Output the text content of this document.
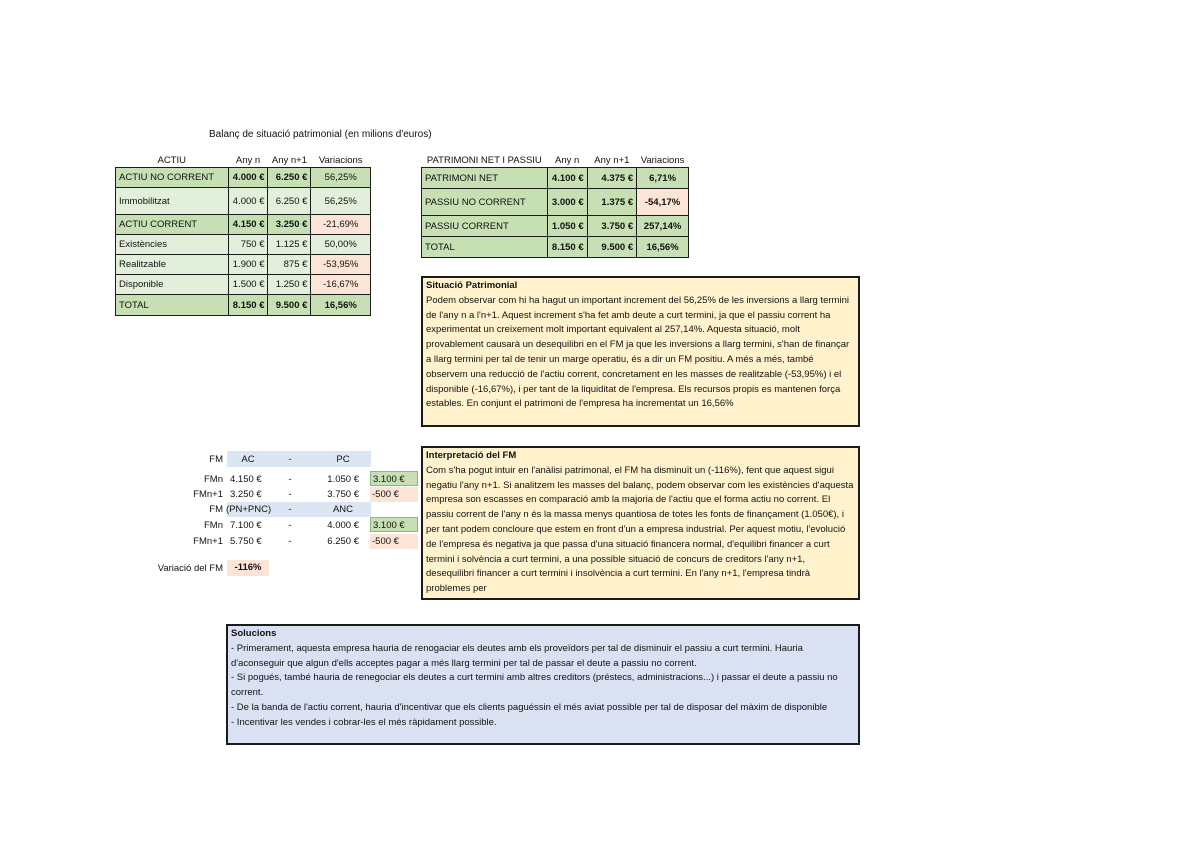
Balanç de situació patrimonial (en milions d'euros)
ACTIU	Any n	Any n+1	Variacions
ACTIU NO CORRENT	4.000 €	6.250 €	56,25%
Immobilitzat	4.000 €	6.250 €	56,25%
ACTIU CORRENT	4.150 €	3.250 €	-21,69%
Existències	750 €	1.125 €	50,00%
Realitzable	1.900 €	875 €	-53,95%
Disponible	1.500 €	1.250 €	-16,67%
TOTAL	8.150 €	9.500 €	16,56%
PATRIMONI NET I PASSIU	Any n	Any n+1	Variacions
PATRIMONI NET	4.100 €	4.375 €	6,71%
PASSIU NO CORRENT	3.000 €	1.375 €	-54,17%
PASSIU CORRENT	1.050 €	3.750 €	257,14%
TOTAL	8.150 €	9.500 €	16,56%
Situació Patrimonial

Podem observar com hi ha hagut un important increment del 56,25% de les inversions a llarg termini de l'any n a l'n+1. Aquest increment s'ha fet amb deute a curt termini, ja que el passiu corrent ha experimentat un creixement molt important equivalent al 257,14%. Aquesta situació, molt provablement causarà un desequilibri en el FM ja que les inversions a llarg termini, s'han de finançar a llarg termini per tal de tenir un marge operatiu, és a dir un FM positiu. A més a més, també observem una reducció de l'actiu corrent, concretament en les masses de realitzable (-53,95%) i el disponible (-16,67%), i per tant de la liquiditat de l'empresa. Els recursos propis es mantenen força estables. En conjunt el patrimoni de l'empresa ha incrementat un 16,56%

FM	AC	-	PC
FMn 4.150 €	-	1.050 €	3.100 €
FMn+1 3.250 €	-	3.750 € -500 €
FM (PN+PNC)	-	ANC
FMn 7.100 €	-	4.000 €	3.100 €
FMn+1 5.750 €	-	6.250 € -500 €
Variació del FM	-116%
Interpretació del FM

Com s'ha pogut intuir en l'anàlisi patrimonal, el FM ha disminuït un (-116%), fent que aquest sigui negatiu l'any n+1. Si analitzem les masses del balanç, podem observar com les existències d'aquesta empresa son escasses en comparació amb la majoria de l'actiu que el forma actiu no corrent. El passiu corrent de l'any n és la massa menys quantiosa de totes les fonts de finançament (1.050€), i per tant podem concloure que estem en front d'un a empresa industrial. Per aquest motiu, l'evolució de l'empresa és negativa ja que passa d'una situació financera normal, d'equilibri financer a curt termini i solvència a curt termini, a una possible situació de concurs de creditors l'any n+1, desequilibri financer a curt termini i insolvència a curt termini. En l'any n+1, l'empresa tindrà problemes per

Solucions

- Primerament, aquesta empresa hauria de renogaciar els deutes amb els proveïdors per tal de disminuir el passiu a curt termini. Hauria d'aconseguir que algun d'ells acceptes pagar a més llarg termini per tal de passar el deute a passiu no corrent.

- Si pogués, també hauria de renegociar els deutes a curt termini amb altres creditors (préstecs, administracions...) i passar el deute a passiu no corrent.

- De la banda de l'actiu corrent, hauria d'incentivar que els clients paguéssin el més aviat possible per tal de disposar del màxim de disponible

- Incentivar les vendes i cobrar-les el més ràpidament possible.
